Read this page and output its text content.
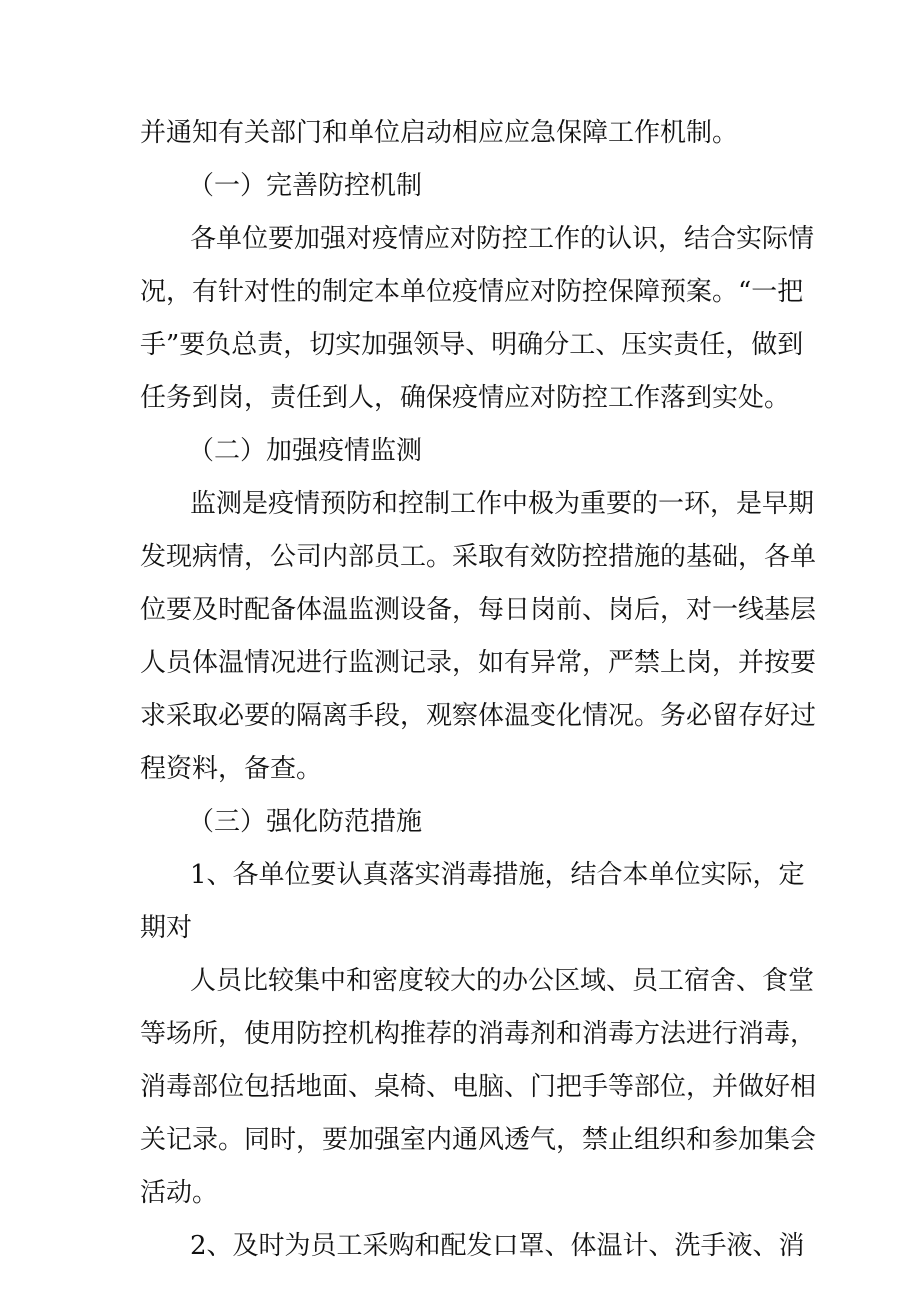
并通知有关部门和单位启动相应应急保障工作机制。
（一）完善防控机制
各单位要加强对疫情应对防控工作的认识，结合实际情
况，有针对性的制定本单位疫情应对防控保障预案。“一把
手”要负总责，切实加强领导、明确分工、压实责任，做到
任务到岗，责任到人，确保疫情应对防控工作落到实处。
（二）加强疫情监测
监测是疫情预防和控制工作中极为重要的一环，是早期
发现病情，公司内部员工。采取有效防控措施的基础，各单
位要及时配备体温监测设备，每日岗前、岗后，对一线基层
人员体温情况进行监测记录，如有异常，严禁上岗，并按要
求采取必要的隔离手段，观察体温变化情况。务必留存好过
程资料，备查。
（三）强化防范措施
1、各单位要认真落实消毒措施，结合本单位实际，定
期对
人员比较集中和密度较大的办公区域、员工宿舍、食堂
等场所，使用防控机构推荐的消毒剂和消毒方法进行消毒，
消毒部位包括地面、桌椅、电脑、门把手等部位，并做好相
关记录。同时，要加强室内通风透气，禁止组织和参加集会
活动。
2、及时为员工采购和配发口罩、体温计、洗手液、消
